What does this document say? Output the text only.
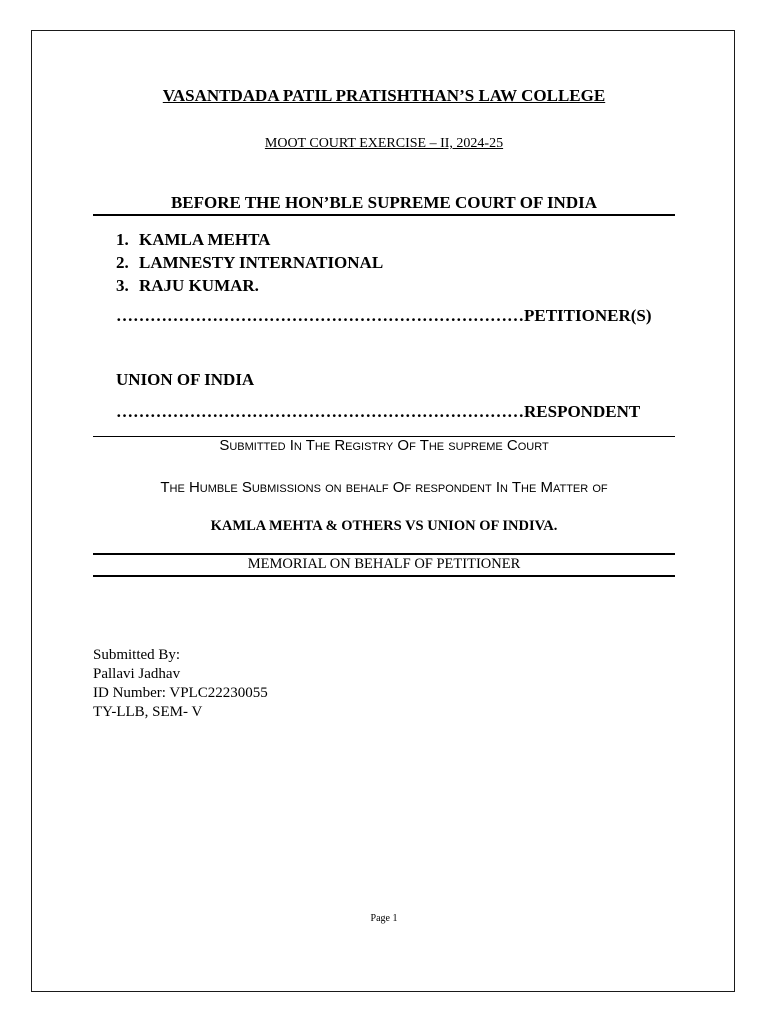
VASANTDADA PATIL PRATISHTHAN’S LAW COLLEGE
MOOT COURT EXERCISE – II, 2024-25
BEFORE THE HON’BLE SUPREME COURT OF INDIA
1. KAMLA MEHTA
2. LAMNESTY INTERNATIONAL
3. RAJU KUMAR.
………………………………………………………………PETITIONER(S)
UNION OF INDIA
………………………………………………………………RESPONDENT
Submitted In The Registry Of The supreme Court
The Humble Submissions on behalf Of respondent In The Matter of
KAMLA MEHTA & OTHERS VS UNION OF INDIVA.
MEMORIAL ON BEHALF OF PETITIONER
Submitted By:
Pallavi Jadhav
ID Number: VPLC22230055
TY-LLB, SEM- V
Page 1
